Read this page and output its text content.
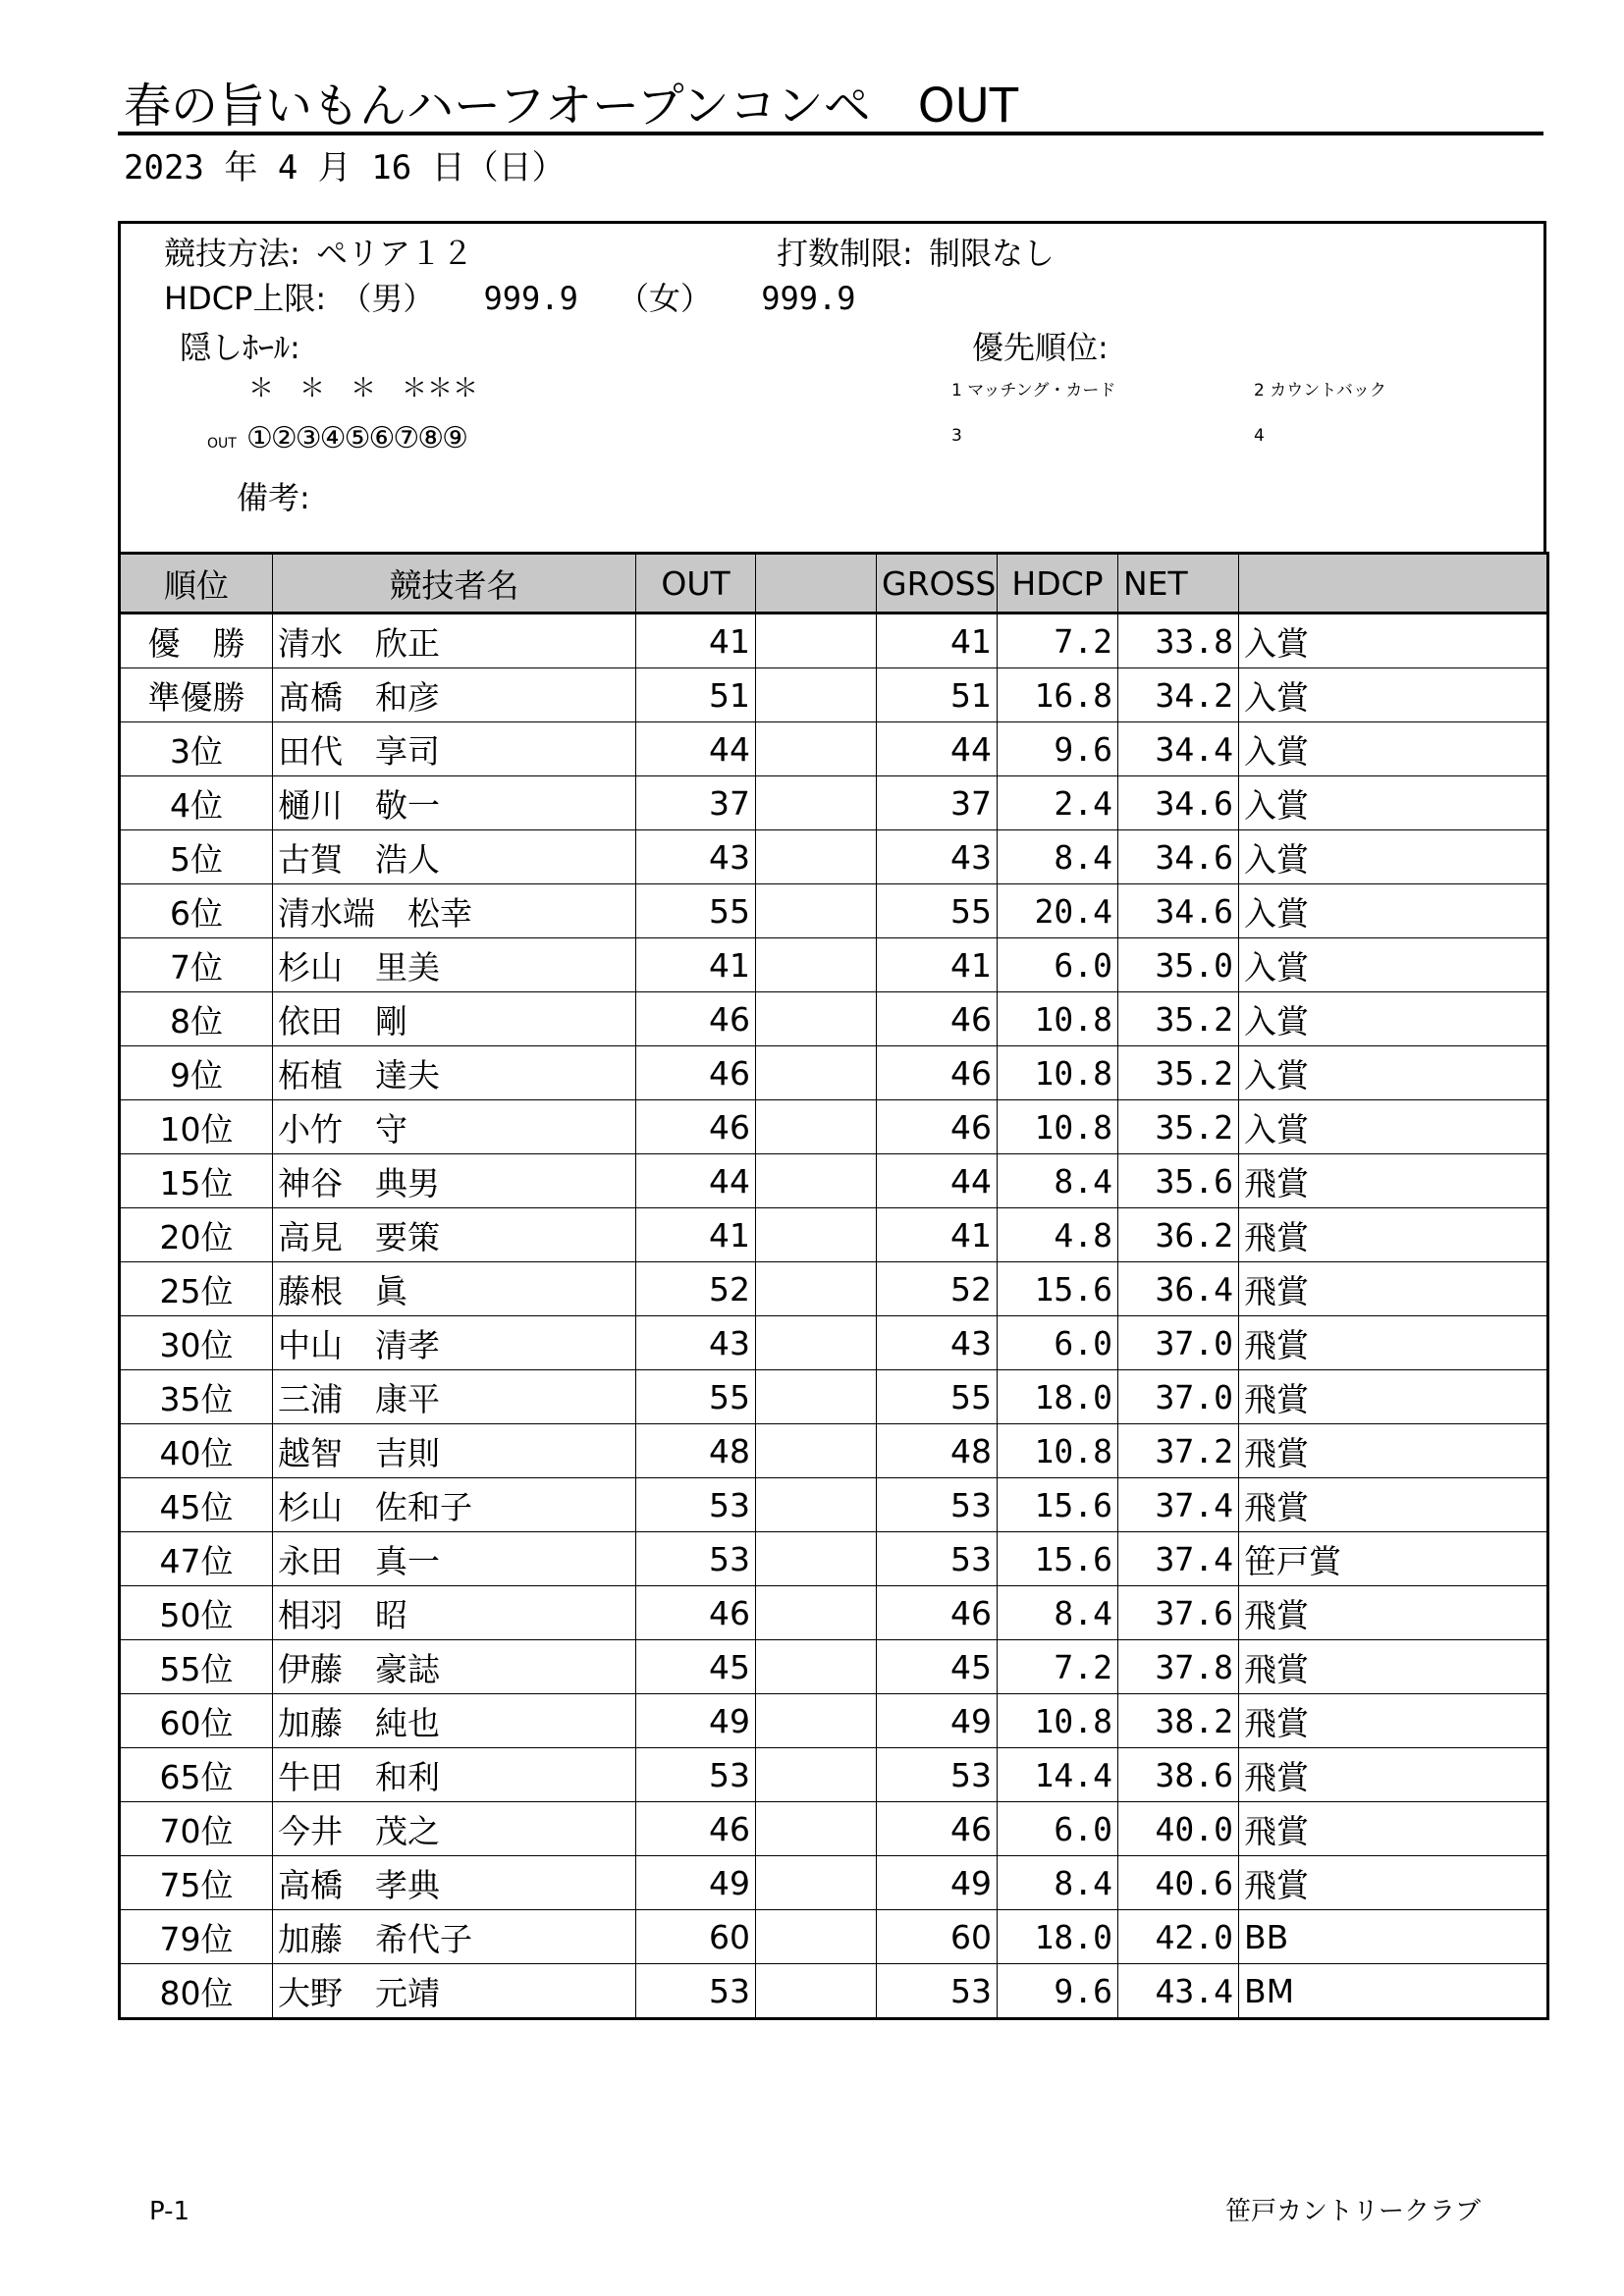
春の旨いもんハーフオープンコンペ　OUT
2023 年 4 月 16 日（日）
競技方法: ペリア１２	打数制限: 制限なし
HDCP上限: （男） 999.9 （女） 999.9
隠しﾎｰﾙ:	優先順位:
＊　＊　＊　＊＊＊	1 マッチング・カード	2 カウントバック
OUT ①②③④⑤⑥⑦⑧⑨	3	4
備考:
順位	競技者名	OUT		GROSS	HDCP	NET	
優　勝	清水　欣正	41		41	7.2	33.8	入賞
準優勝	髙橋　和彦	51		51	16.8	34.2	入賞
3位	田代　享司	44		44	9.6	34.4	入賞
4位	樋川　敬一	37		37	2.4	34.6	入賞
5位	古賀　浩人	43		43	8.4	34.6	入賞
6位	清水端　松幸	55		55	20.4	34.6	入賞
7位	杉山　里美	41		41	6.0	35.0	入賞
8位	依田　剛	46		46	10.8	35.2	入賞
9位	柘植　達夫	46		46	10.8	35.2	入賞
10位	小竹　守	46		46	10.8	35.2	入賞
15位	神谷　典男	44		44	8.4	35.6	飛賞
20位	高見　要策	41		41	4.8	36.2	飛賞
25位	藤根　眞	52		52	15.6	36.4	飛賞
30位	中山　清孝	43		43	6.0	37.0	飛賞
35位	三浦　康平	55		55	18.0	37.0	飛賞
40位	越智　吉則	48		48	10.8	37.2	飛賞
45位	杉山　佐和子	53		53	15.6	37.4	飛賞
47位	永田　真一	53		53	15.6	37.4	笹戸賞
50位	相羽　昭	46		46	8.4	37.6	飛賞
55位	伊藤　豪誌	45		45	7.2	37.8	飛賞
60位	加藤　純也	49		49	10.8	38.2	飛賞
65位	牛田　和利	53		53	14.4	38.6	飛賞
70位	今井　茂之	46		46	6.0	40.0	飛賞
75位	高橋　孝典	49		49	8.4	40.6	飛賞
79位	加藤　希代子	60		60	18.0	42.0	BB
80位	大野　元靖	53		53	9.6	43.4	BM
P-1	笹戸カントリークラブ
